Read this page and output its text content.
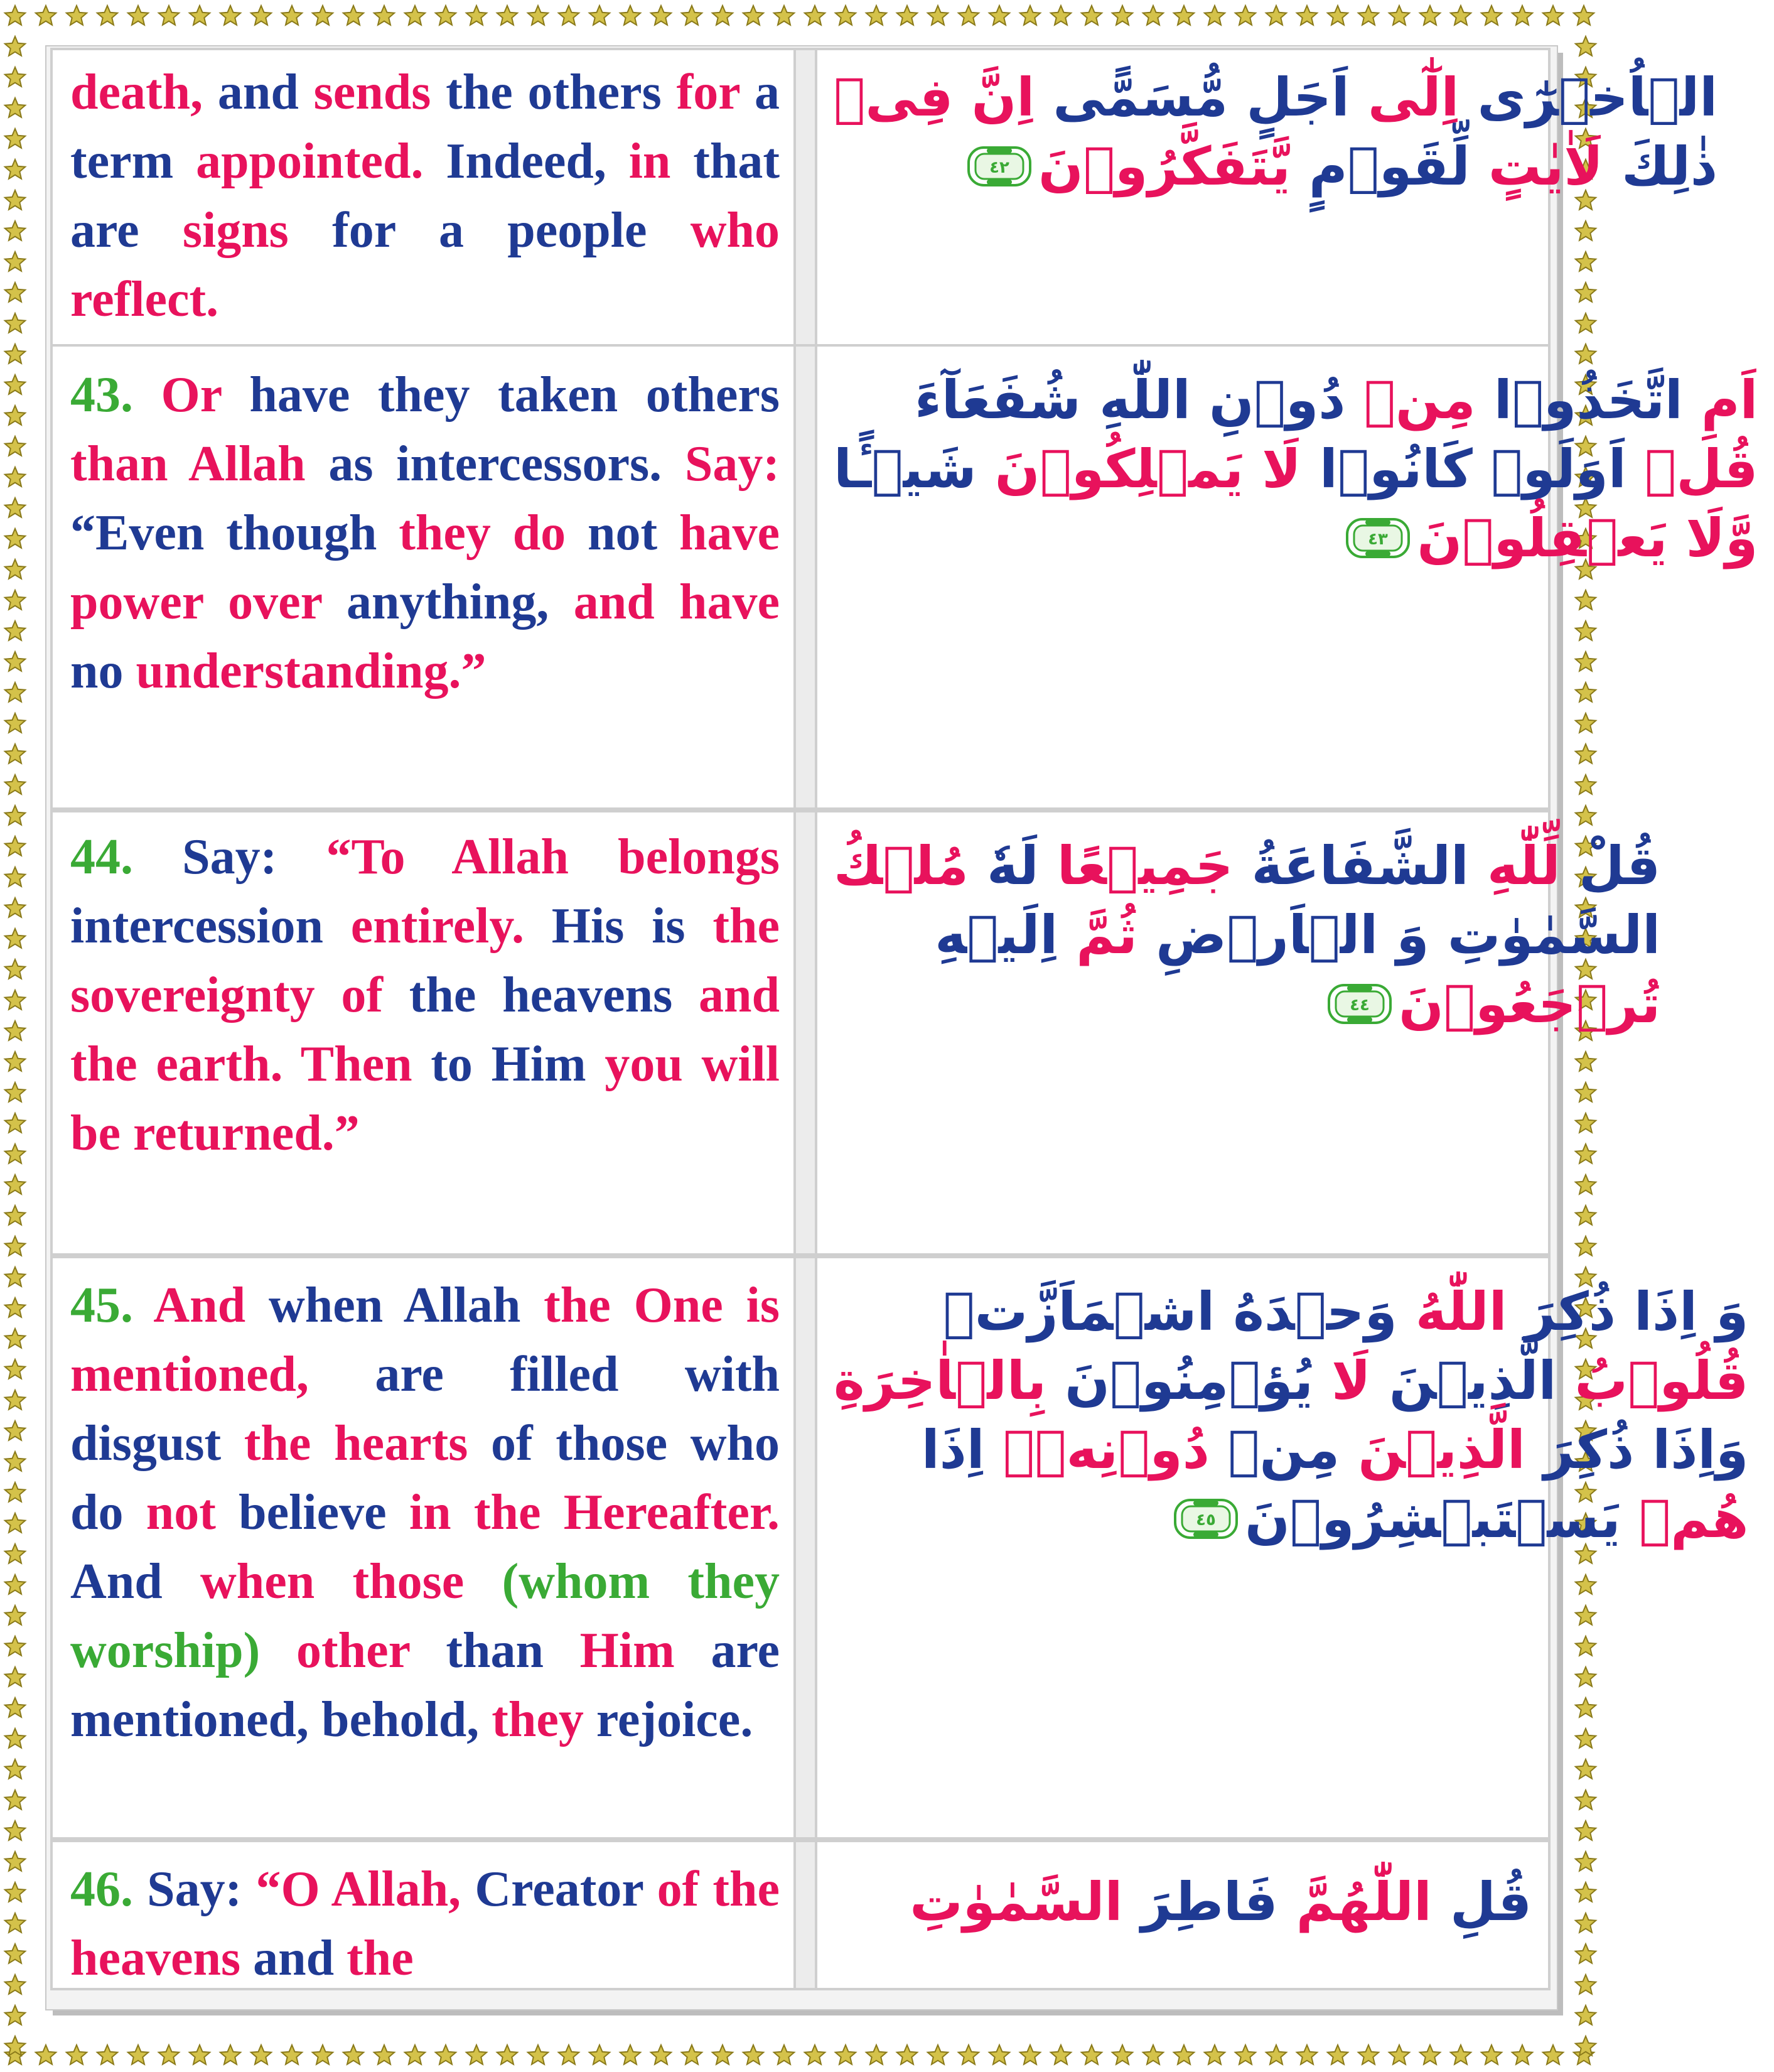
death, and sends the others for a term appointed. Indeed, in that are signs for a people who reflect.
الۡاُخۡرٰٓى اِلٰٓى اَجَلٍ مُّسَمًّى اِنَّ فِىۡ
ذٰلِكَ لَاٰيٰتٍ لِّقَوۡمٍ يَّتَفَكَّرُوۡنَ
٤٢
43. Or have they taken others than Allah as intercessors. Say: “Even though they do not have power over anything, and have no understanding.”
اَمِ اتَّخَذُوۡا مِنۡ دُوۡنِ اللّٰهِ شُفَعَآءَ
قُلۡ اَوَلَوۡ كَانُوۡا لَا يَمۡلِكُوۡنَ شَيۡـًٔا
وَّلَا يَعۡقِلُوۡنَ
٤٣
44. Say: “To Allah belongs intercession entirely. His is the sovereignty of the heavens and the earth. Then to Him you will be returned.”
قُلْ لِّلّٰهِ الشَّفَاعَةُ جَمِيۡعًا لَهٗ مُلۡكُ
السَّمٰوٰتِ وَ الۡاَرۡضِ ثُمَّ اِلَيۡهِ
تُرۡجَعُوۡنَ
٤٤
45. And when Allah the One is mentioned, are filled with disgust the hearts of those who do not believe in the Hereafter. And when those (whom they worship) other than Him are mentioned, behold, they rejoice.
وَ اِذَا ذُكِرَ اللّٰهُ وَحۡدَهُ اشۡمَاَزَّتۡ
قُلُوۡبُ الَّذِيۡنَ لَا يُؤۡمِنُوۡنَ بِالۡاٰخِرَةِ
وَاِذَا ذُكِرَ الَّذِيۡنَ مِنۡ دُوۡنِهٖۤ اِذَا
هُمۡ يَسۡتَبۡشِرُوۡنَ
٤٥
46. Say: “O Allah, Creator of the heavens and the
قُلِ اللّٰهُمَّ فَاطِرَ السَّمٰوٰتِ
